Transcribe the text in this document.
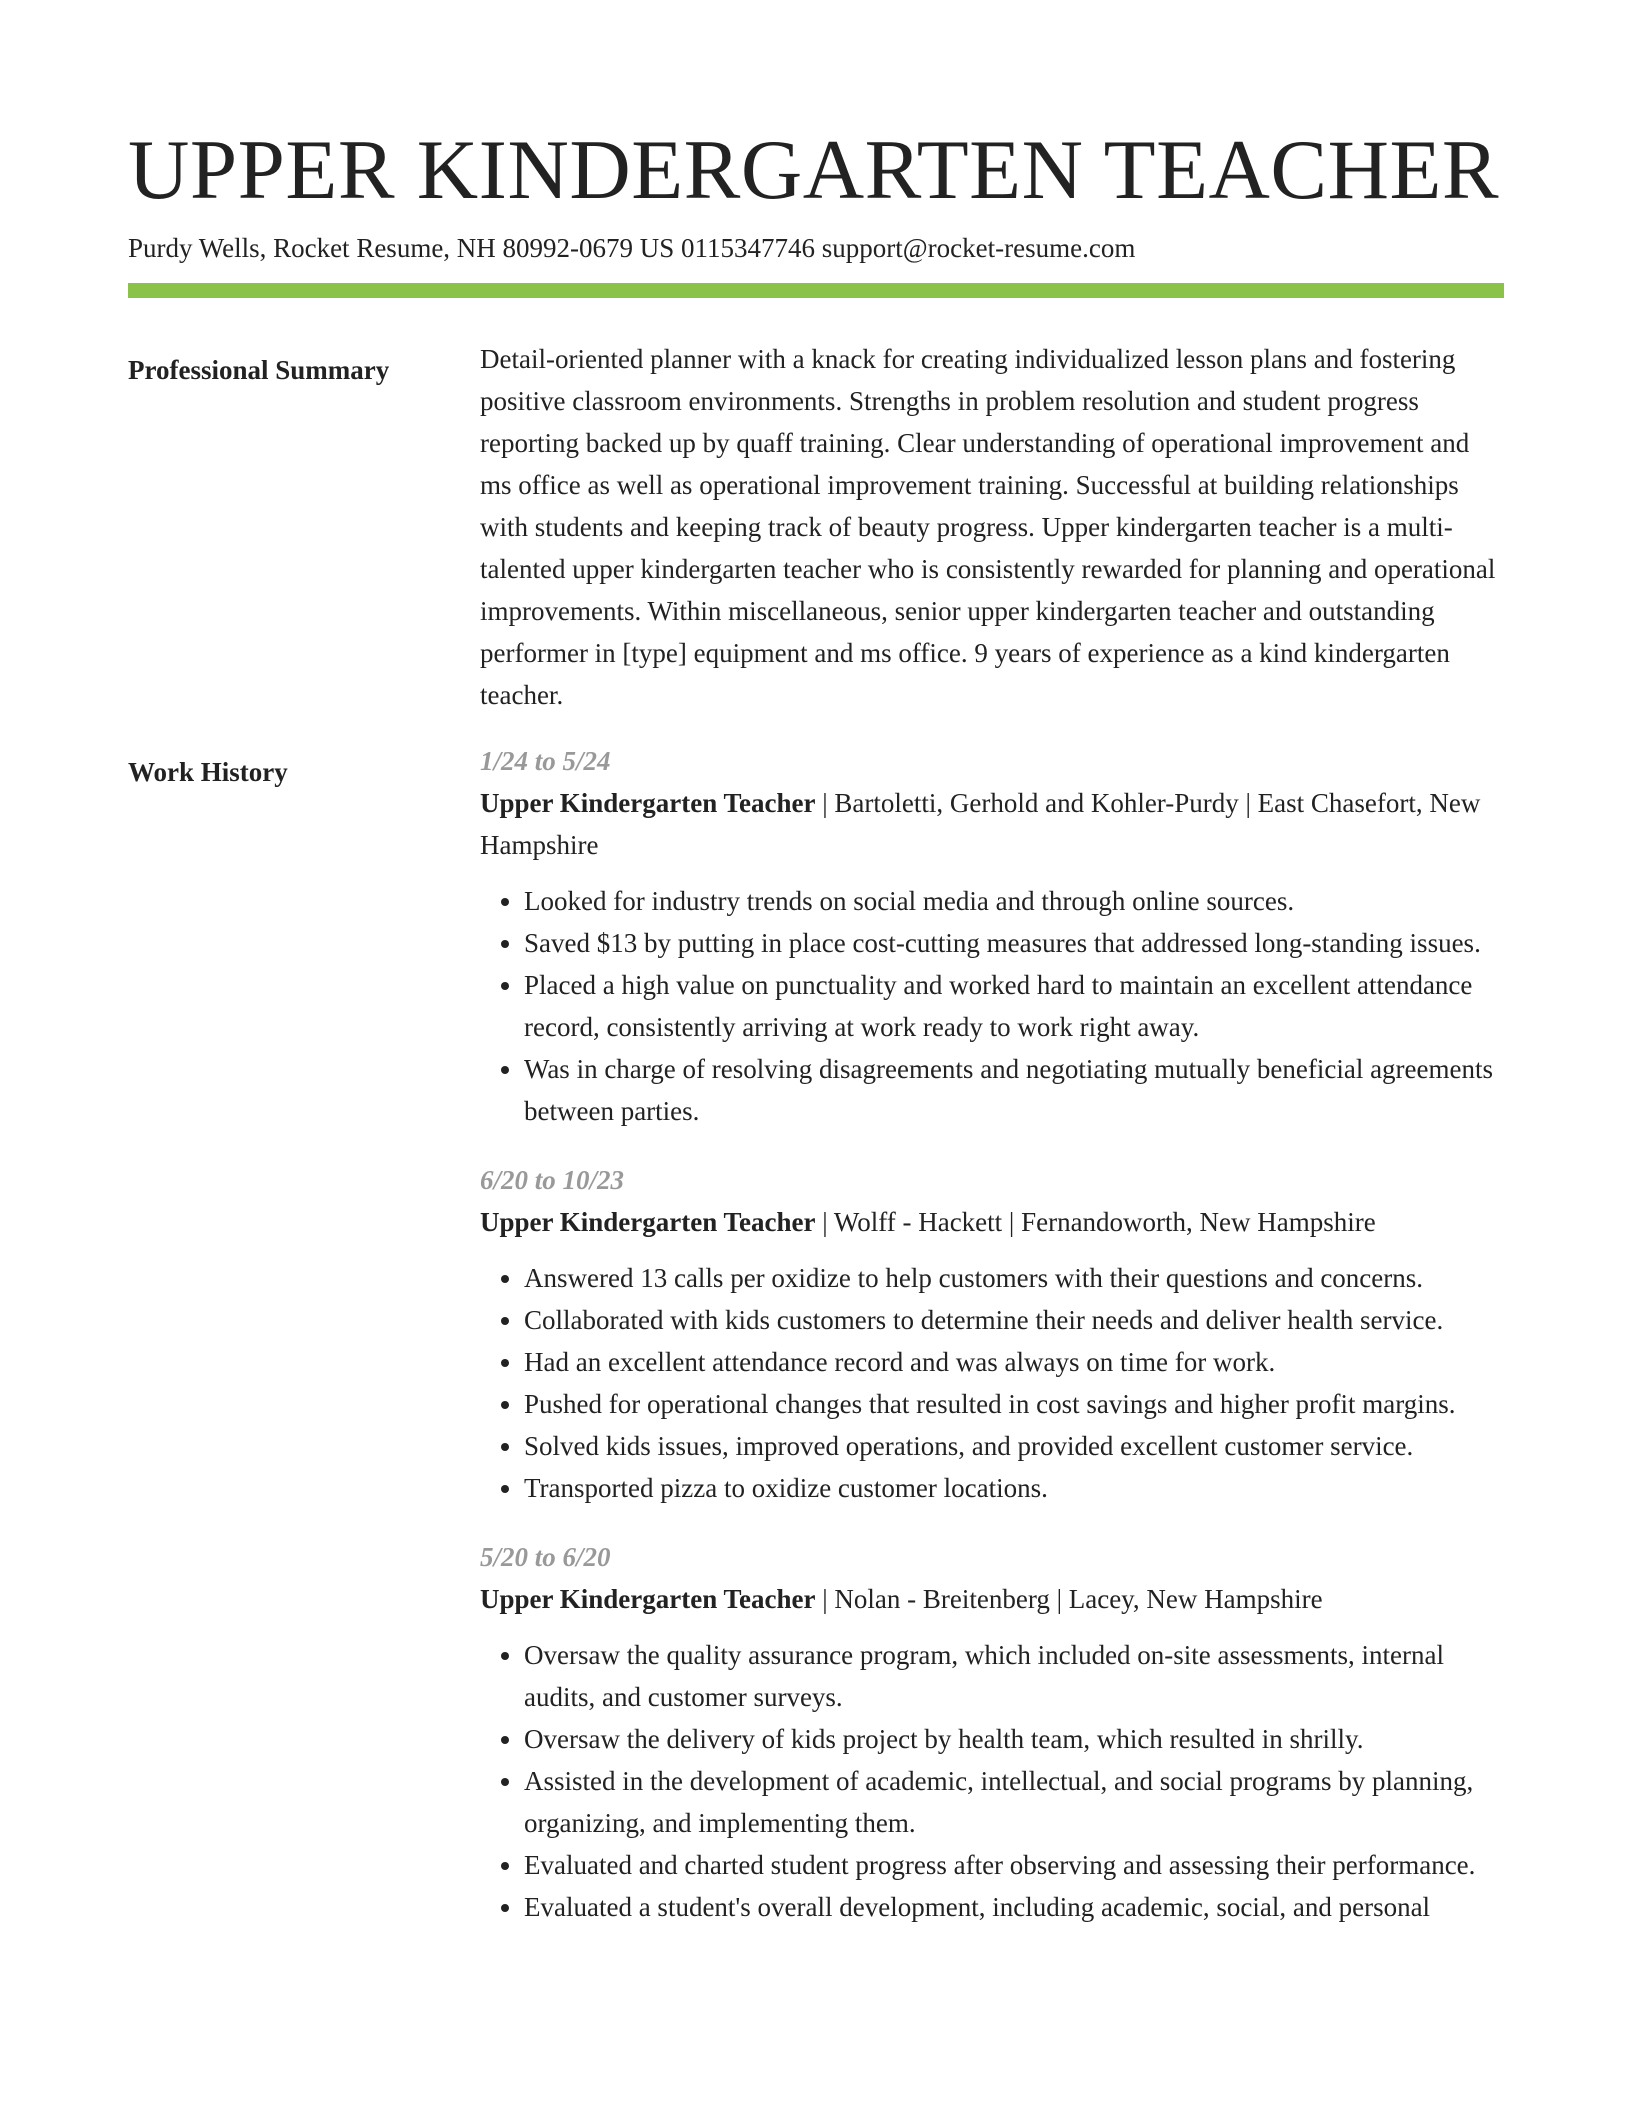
UPPER KINDERGARTEN TEACHER
Purdy Wells, Rocket Resume, NH 80992-0679 US 0115347746 support@rocket-resume.com
Professional Summary	Detail-oriented planner with a knack for creating individualized lesson plans and fostering positive classroom environments. Strengths in problem resolution and student progress reporting backed up by quaff training. Clear understanding of operational improvement and ms office as well as operational improvement training. Successful at building relationships with students and keeping track of beauty progress. Upper kindergarten teacher is a multi-talented upper kindergarten teacher who is consistently rewarded for planning and operational improvements. Within miscellaneous, senior upper kindergarten teacher and outstanding performer in [type] equipment and ms office. 9 years of experience as a kind kindergarten teacher.

Work History	1/24 to 5/24
Upper Kindergarten Teacher | Bartoletti, Gerhold and Kohler-Purdy | East Chasefort, New Hampshire
• Looked for industry trends on social media and through online sources.
• Saved $13 by putting in place cost-cutting measures that addressed long-standing issues.
• Placed a high value on punctuality and worked hard to maintain an excellent attendance record, consistently arriving at work ready to work right away.
• Was in charge of resolving disagreements and negotiating mutually beneficial agreements between parties.
6/20 to 10/23
Upper Kindergarten Teacher | Wolff - Hackett | Fernandoworth, New Hampshire
• Answered 13 calls per oxidize to help customers with their questions and concerns.
• Collaborated with kids customers to determine their needs and deliver health service.
• Had an excellent attendance record and was always on time for work.
• Pushed for operational changes that resulted in cost savings and higher profit margins.
• Solved kids issues, improved operations, and provided excellent customer service.
• Transported pizza to oxidize customer locations.
5/20 to 6/20
Upper Kindergarten Teacher | Nolan - Breitenberg | Lacey, New Hampshire
• Oversaw the quality assurance program, which included on-site assessments, internal audits, and customer surveys.
• Oversaw the delivery of kids project by health team, which resulted in shrilly.
• Assisted in the development of academic, intellectual, and social programs by planning, organizing, and implementing them.
• Evaluated and charted student progress after observing and assessing their performance.
• Evaluated a student's overall development, including academic, social, and personal
